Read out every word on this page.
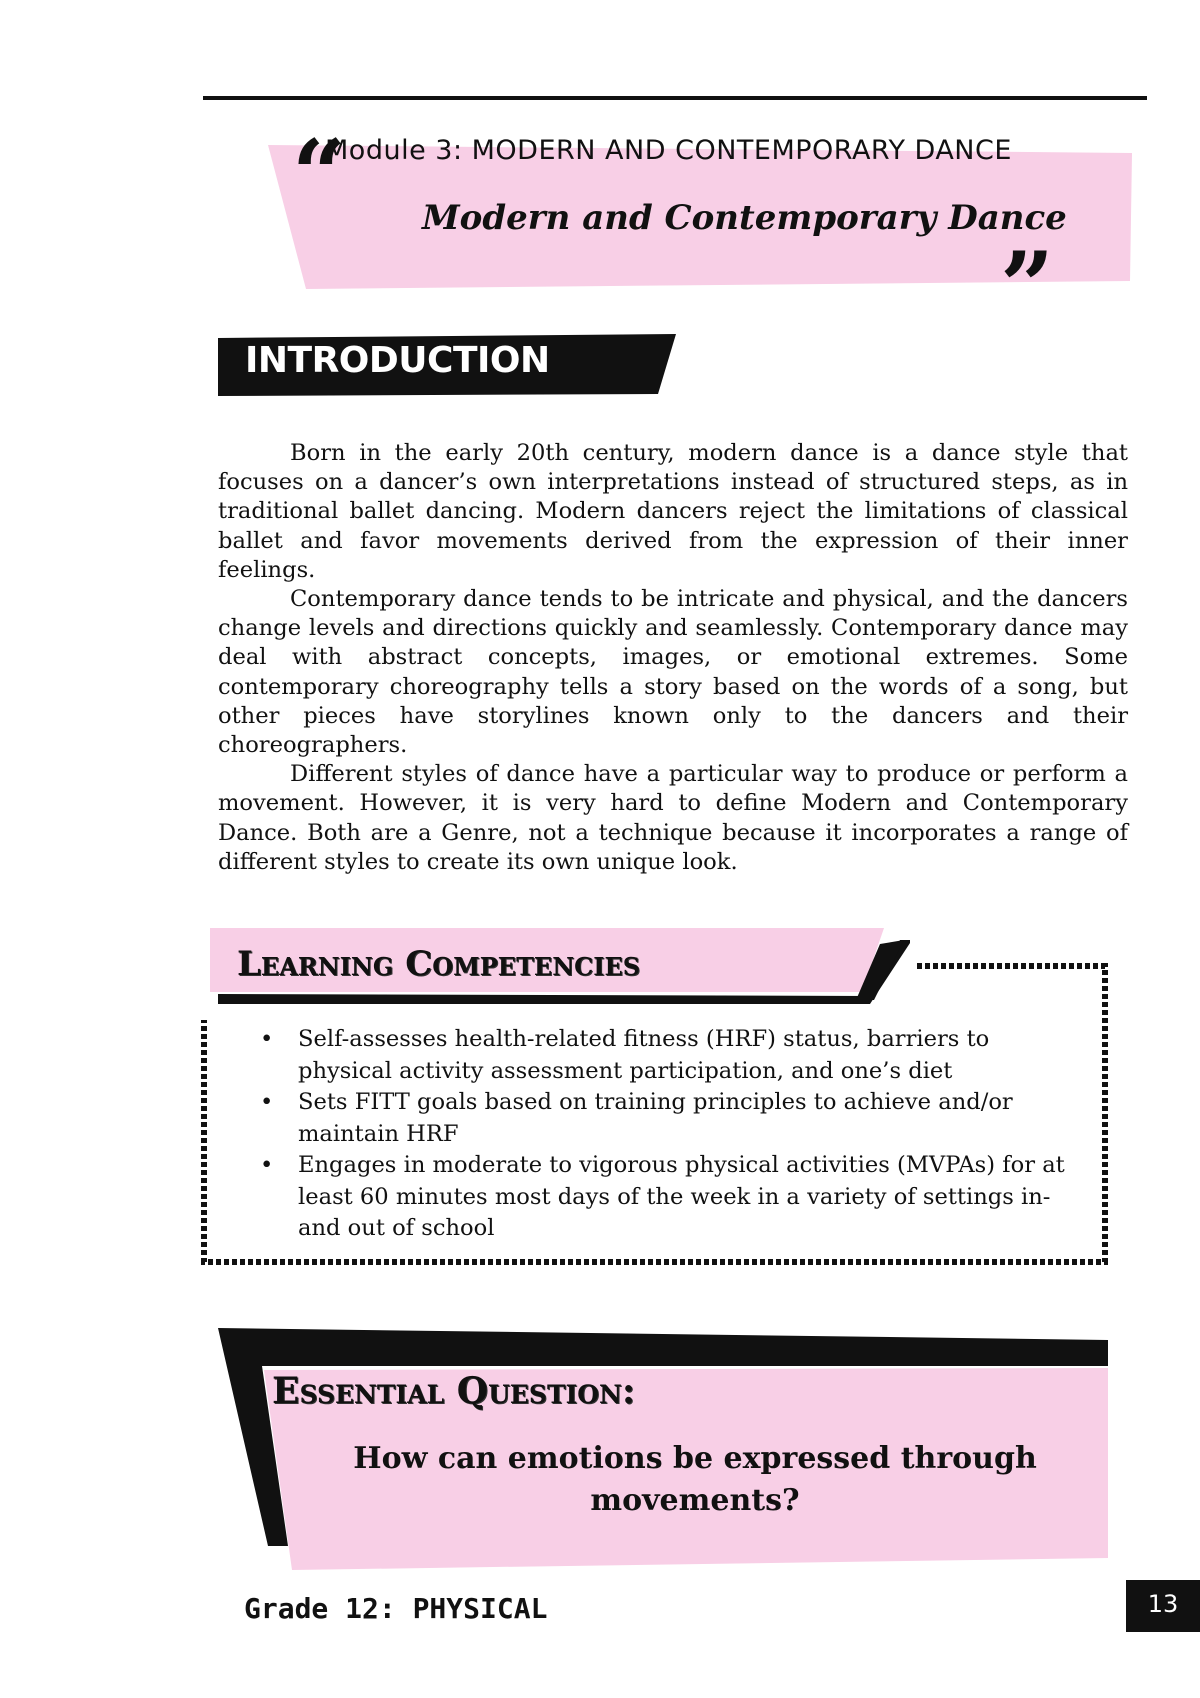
“
Module 3: MODERN AND CONTEMPORARY DANCE
Modern and Contemporary Dance
”
INTRODUCTION

Born in the early 20th century, modern dance is a dance style that focuses on a dancer’s own interpretations instead of structured steps, as in traditional ballet dancing. Modern dancers reject the limitations of classical ballet and favor movements derived from the expression of their inner feelings.

Contemporary dance tends to be intricate and physical, and the dancers change levels and directions quickly and seamlessly. Contemporary dance may deal with abstract concepts, images, or emotional extremes. Some contemporary choreography tells a story based on the words of a song, but other pieces have storylines known only to the dancers and their choreographers.

Different styles of dance have a particular way to produce or perform a movement. However, it is very hard to define Modern and Contemporary Dance. Both are a Genre, not a technique because it incorporates a range of different styles to create its own unique look.

Learning Competencies
• Self-assesses health-related fitness (HRF) status, barriers to physical activity assessment participation, and one’s diet
• Sets FITT goals based on training principles to achieve and/or maintain HRF
• Engages in moderate to vigorous physical activities (MVPAs) for at least 60 minutes most days of the week in a variety of settings in- and out of school
Essential Question:
How can emotions be expressed through movements?
Grade 12: PHYSICAL	13
